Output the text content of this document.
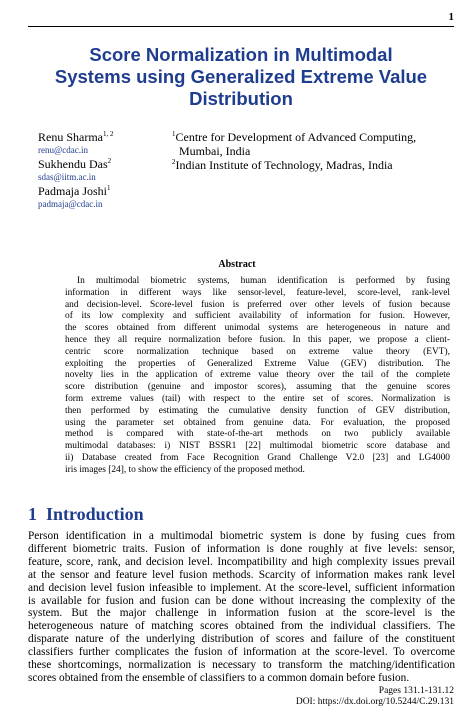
1
Score Normalization in Multimodal
Systems using Generalized Extreme Value
Distribution
Renu Sharma$^{1, 2}$
renu@cdac.in
Sukhendu Das$^2$
sdas@iitm.ac.in
Padmaja Joshi$^1$
padmaja@cdac.in
$^1$Centre for Development of Advanced Computing,
Mumbai, India
$^2$Indian Institute of Technology, Madras, India
Abstract
In multimodal biometric systems, human identification is performed by fusing
information in different ways like sensor-level, feature-level, score-level, rank-level
and decision-level. Score-level fusion is preferred over other levels of fusion because
of its low complexity and sufficient availability of information for fusion. However,
the scores obtained from different unimodal systems are heterogeneous in nature and
hence they all require normalization before fusion. In this paper, we propose a client-
centric score normalization technique based on extreme value theory (EVT),
exploiting the properties of Generalized Extreme Value (GEV) distribution. The
novelty lies in the application of extreme value theory over the tail of the complete
score distribution (genuine and impostor scores), assuming that the genuine scores
form extreme values (tail) with respect to the entire set of scores. Normalization is
then performed by estimating the cumulative density function of GEV distribution,
using the parameter set obtained from genuine data. For evaluation, the proposed
method is compared with state-of-the-art methods on two publicly available
multimodal databases: i) NIST BSSR1 [22] multimodal biometric score database and
ii) Database created from Face Recognition Grand Challenge V2.0 [23] and LG4000
iris images [24], to show the efficiency of the proposed method.
1 Introduction
Person identification in a multimodal biometric system is done by fusing cues from
different biometric traits. Fusion of information is done roughly at five levels: sensor,
feature, score, rank, and decision level. Incompatibility and high complexity issues prevail
at the sensor and feature level fusion methods. Scarcity of information makes rank level
and decision level fusion infeasible to implement. At the score-level, sufficient information
is available for fusion and fusion can be done without increasing the complexity of the
system. But the major challenge in information fusion at the score-level is the
heterogeneous nature of matching scores obtained from the individual classifiers. The
disparate nature of the underlying distribution of scores and failure of the constituent
classifiers further complicates the fusion of information at the score-level. To overcome
these shortcomings, normalization is necessary to transform the matching/identification
scores obtained from the ensemble of classifiers to a common domain before fusion.
Pages 131.1-131.12
DOI: https://dx.doi.org/10.5244/C.29.131
